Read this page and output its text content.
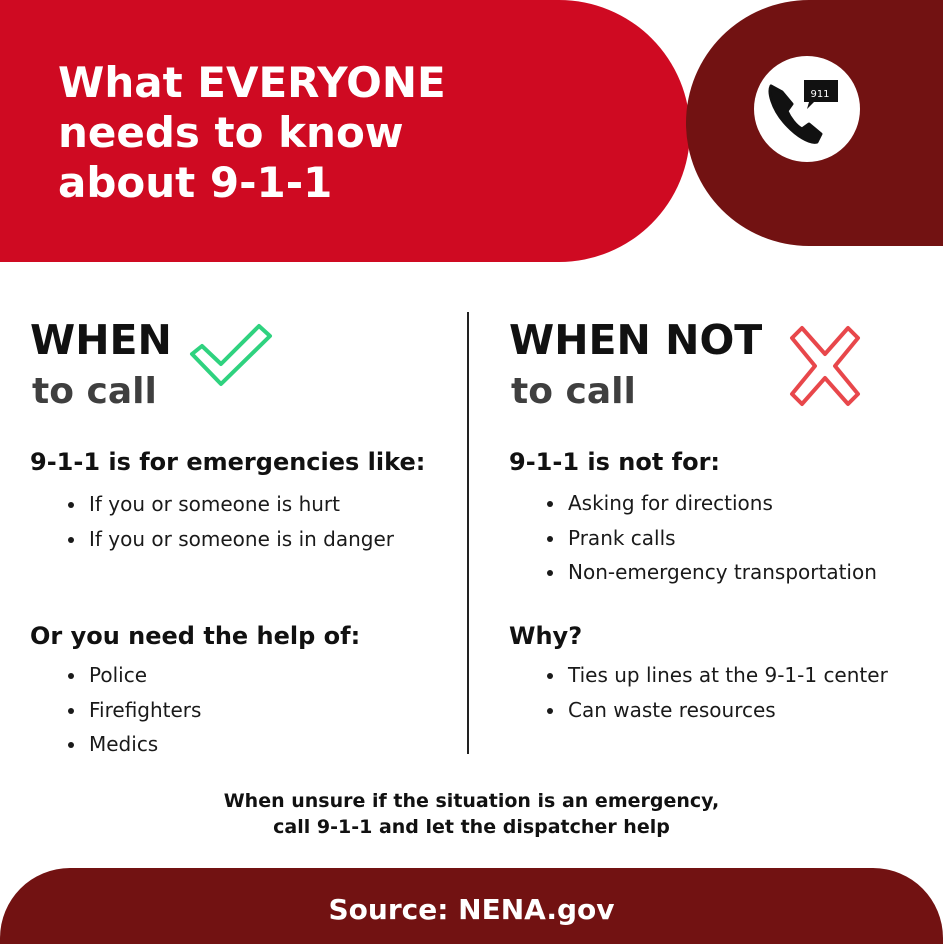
What EVERYONE
needs to know
about 9-1-1
911
WHEN
to call
9-1-1 is for emergencies like:
• If you or someone is hurt
• If you or someone is in danger
Or you need the help of:
• Police
• Firefighters
• Medics
WHEN NOT
to call
9-1-1 is not for:
• Asking for directions
• Prank calls
• Non-emergency transportation
Why?
• Ties up lines at the 9-1-1 center
• Can waste resources
When unsure if the situation is an emergency,
call 9-1-1 and let the dispatcher help
Source: NENA.gov
